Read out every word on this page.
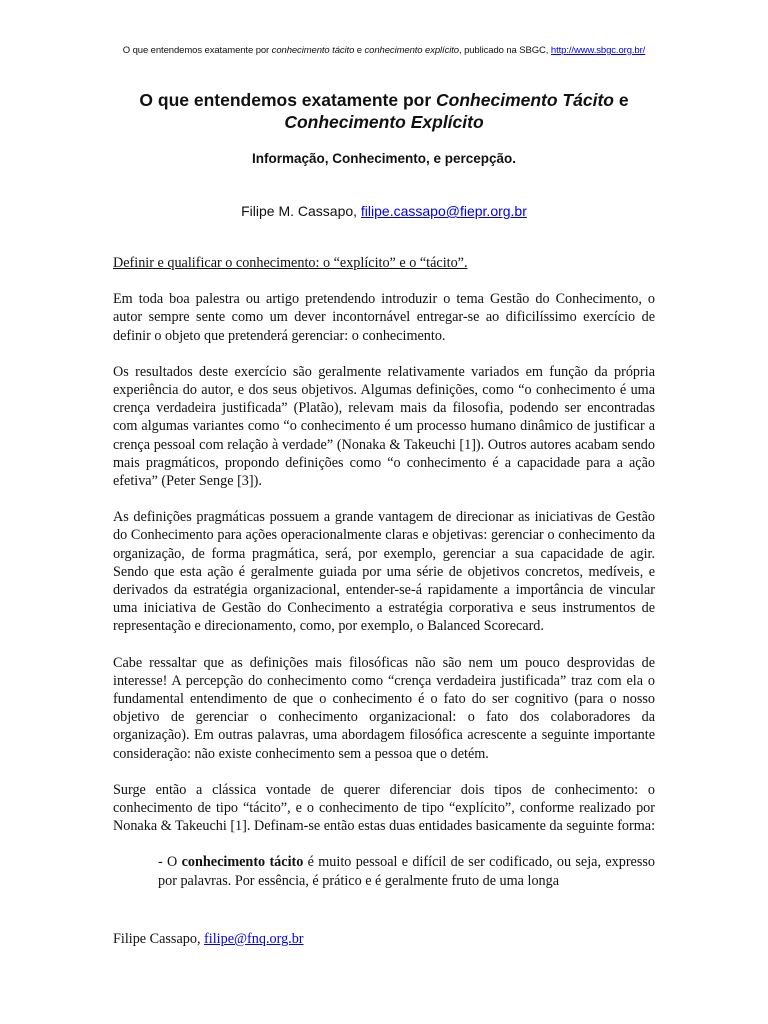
O que entendemos exatamente por conhecimento tácito e conhecimento explícito, publicado na SBGC, http://www.sbgc.org.br/
O que entendemos exatamente por Conhecimento Tácito e
Conhecimento Explícito
Informação, Conhecimento, e percepção.
Filipe M. Cassapo, filipe.cassapo@fiepr.org.br

Definir e qualificar o conhecimento: o “explícito” e o “tácito”.

Em toda boa palestra ou artigo pretendendo introduzir o tema Gestão do Conhecimento, o autor sempre sente como um dever incontornável entregar-se ao dificilíssimo exercício de definir o objeto que pretenderá gerenciar: o conhecimento.

Os resultados deste exercício são geralmente relativamente variados em função da própria experiência do autor, e dos seus objetivos. Algumas definições, como “o conhecimento é uma crença verdadeira justificada” (Platão), relevam mais da filosofia, podendo ser encontradas com algumas variantes como “o conhecimento é um processo humano dinâmico de justificar a crença pessoal com relação à verdade” (Nonaka & Takeuchi [1]). Outros autores acabam sendo mais pragmáticos, propondo definições como “o conhecimento é a capacidade para a ação efetiva” (Peter Senge [3]).

As definições pragmáticas possuem a grande vantagem de direcionar as iniciativas de Gestão do Conhecimento para ações operacionalmente claras e objetivas: gerenciar o conhecimento da organização, de forma pragmática, será, por exemplo, gerenciar a sua capacidade de agir. Sendo que esta ação é geralmente guiada por uma série de objetivos concretos, medíveis, e derivados da estratégia organizacional, entender-se-á rapidamente a importância de vincular uma iniciativa de Gestão do Conhecimento a estratégia corporativa e seus instrumentos de representação e direcionamento, como, por exemplo, o Balanced Scorecard.

Cabe ressaltar que as definições mais filosóficas não são nem um pouco desprovidas de interesse! A percepção do conhecimento como “crença verdadeira justificada” traz com ela o fundamental entendimento de que o conhecimento é o fato do ser cognitivo (para o nosso objetivo de gerenciar o conhecimento organizacional: o fato dos colaboradores da organização). Em outras palavras, uma abordagem filosófica acrescente a seguinte importante consideração: não existe conhecimento sem a pessoa que o detém.

Surge então a clássica vontade de querer diferenciar dois tipos de conhecimento: o conhecimento de tipo “tácito”, e o conhecimento de tipo “explícito”, conforme realizado por Nonaka & Takeuchi [1]. Definam-se então estas duas entidades basicamente da seguinte forma:

- O conhecimento tácito é muito pessoal e difícil de ser codificado, ou seja, expresso por palavras. Por essência, é prático e é geralmente fruto de uma longa

Filipe Cassapo, filipe@fnq.org.br
